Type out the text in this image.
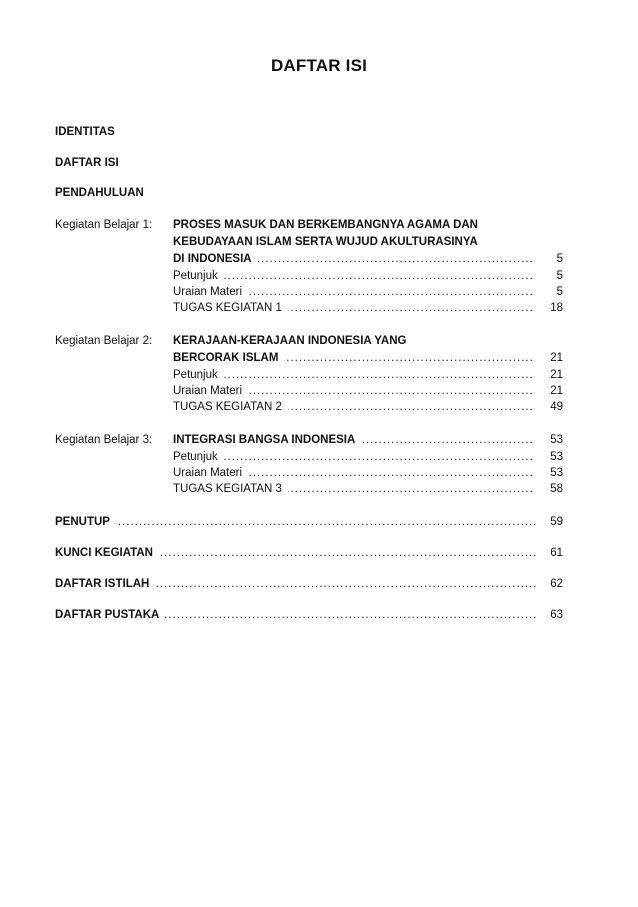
DAFTAR ISI
IDENTITAS
DAFTAR ISI
PENDAHULUAN
Kegiatan Belajar 1: PROSES MASUK DAN BERKEMBANGNYA AGAMA DAN
KEBUDAYAAN ISLAM SERTA WUJUD AKULTURASINYA
DI INDONESIA .....	5
Petunjuk .....	5
Uraian Materi .....	5
TUGAS KEGIATAN 1 .....	18
Kegiatan Belajar 2: KERAJAAN-KERAJAAN INDONESIA YANG
BERCORAK ISLAM .....	21
Petunjuk .....	21
Uraian Materi .....	21
TUGAS KEGIATAN 2 .....	49
Kegiatan Belajar 3: INTEGRASI BANGSA INDONESIA .....	53
Petunjuk .....	53
Uraian Materi .....	53
TUGAS KEGIATAN 3 .....	58
PENUTUP .....	59
KUNCI KEGIATAN .....	61
DAFTAR ISTILAH .....	62
DAFTAR PUSTAKA .....	63
